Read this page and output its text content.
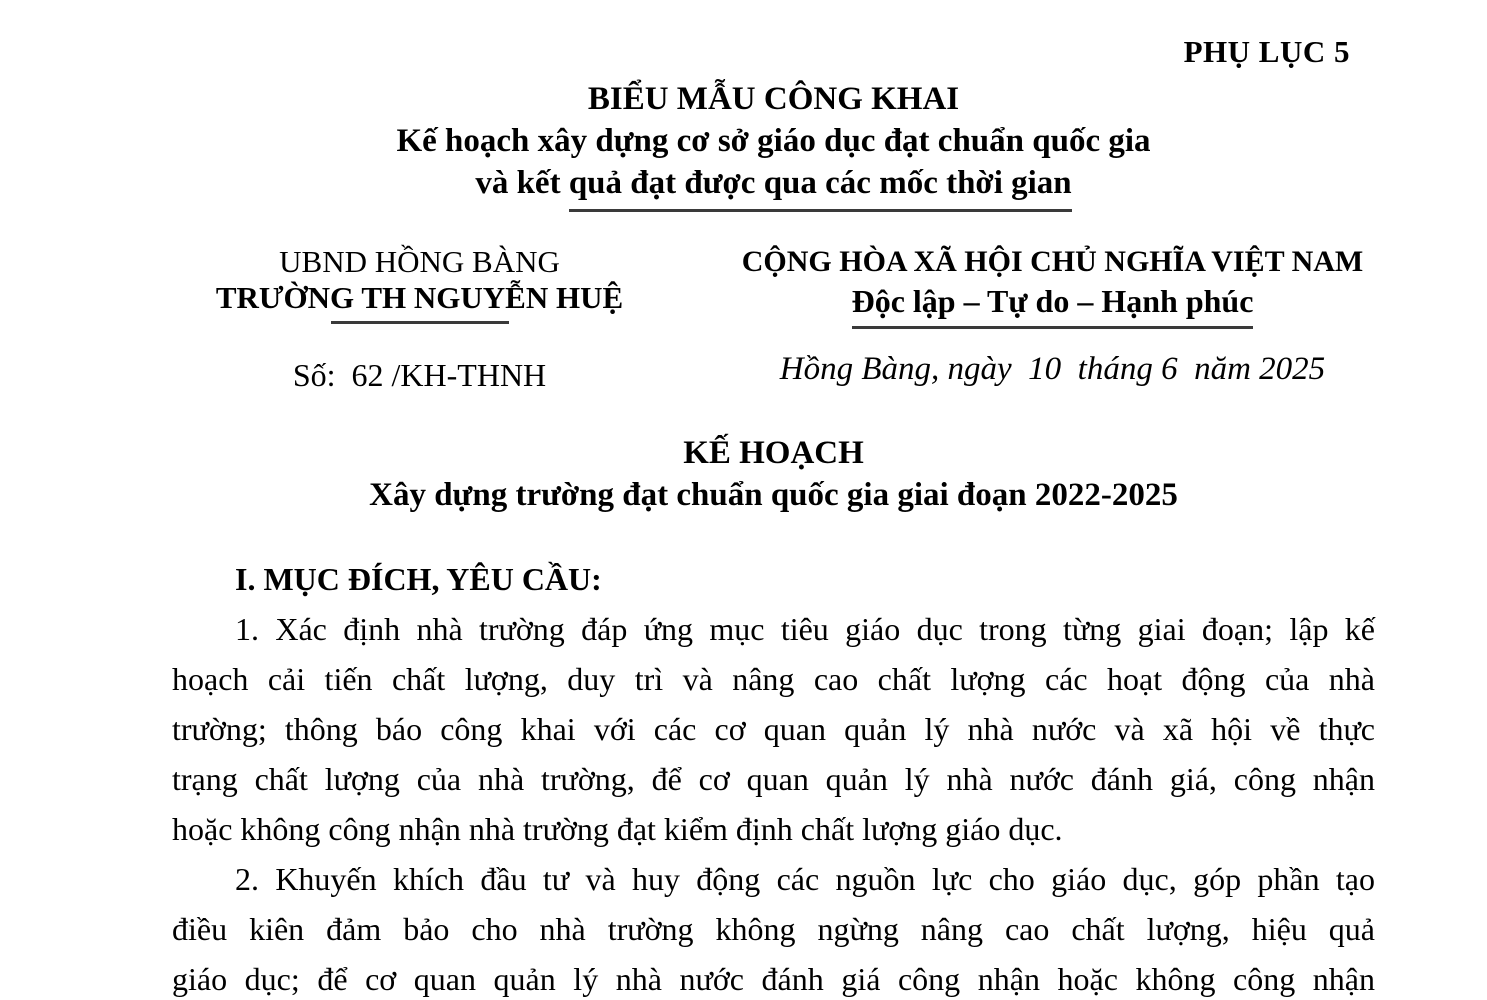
PHỤ LỤC 5
BIỂU MẪU CÔNG KHAI
Kế hoạch xây dựng cơ sở giáo dục đạt chuẩn quốc gia
và kết quả đạt được qua các mốc thời gian
UBND HỒNG BÀNG
TRƯỜNG TH NGUYỄN HUỆ
Số:  62 /KH-THNH
CỘNG HÒA XÃ HỘI CHỦ NGHĨA VIỆT NAM
Độc lập – Tự do – Hạnh phúc
Hồng Bàng, ngày  10  tháng 6  năm 2025
KẾ HOẠCH
Xây dựng trường đạt chuẩn quốc gia giai đoạn 2022-2025
I. MỤC ĐÍCH, YÊU CẦU:

1. Xác định nhà trường đáp ứng mục tiêu giáo dục trong từng giai đoạn; lập kế
hoạch cải tiến chất lượng, duy trì và nâng cao chất lượng các hoạt động của nhà
trường; thông báo công khai với các cơ quan quản lý nhà nước và xã hội về thực
trạng chất lượng của nhà trường, để cơ quan quản lý nhà nước đánh giá, công nhận
hoặc không công nhận nhà trường đạt kiểm định chất lượng giáo dục.

2. Khuyến khích đầu tư và huy động các nguồn lực cho giáo dục, góp phần tạo
điều kiên đảm bảo cho nhà trường không ngừng nâng cao chất lượng, hiệu quả
giáo dục; để cơ quan quản lý nhà nước đánh giá công nhận hoặc không công nhận
